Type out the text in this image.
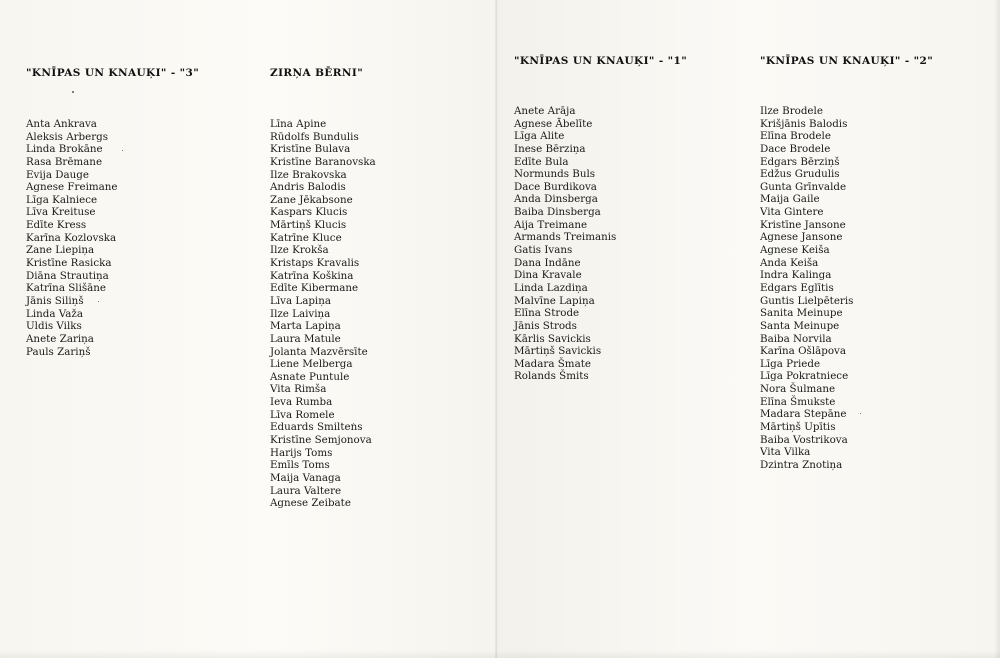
"KNĪPAS UN KNAUĶI" - "3"
Anta Ankrava
Aleksis Arbergs
Linda Brokāne
Rasa Brēmane
Evija Dauge
Agnese Freimane
Līga Kalniece
Līva Kreituse
Edīte Kress
Karīna Kozlovska
Zane Liepiņa
Kristīne Rasicka
Diāna Strautiņa
Katrīna Slišāne
Jānis Siliņš
Linda Važa
Uldis Vilks
Anete Zariņa
Pauls Zariņš
ZIRŅA BĒRNI"
Līna Apine
Rūdolfs Bundulis
Kristīne Bulava
Kristīne Baranovska
Ilze Brakovska
Andris Balodis
Zane Jēkabsone
Kaspars Klucis
Mārtiņš Klucis
Katrīne Kluce
Ilze Krokša
Kristaps Kravalis
Katrīna Koškina
Edīte Kibermane
Līva Lapiņa
Ilze Laiviņa
Marta Lapiņa
Laura Matule
Jolanta Mazvērsīte
Liene Melberga
Asnate Puntule
Vita Rimša
Ieva Rumba
Līva Romele
Eduards Smiltens
Kristīne Semjonova
Harijs Toms
Emīls Toms
Maija Vanaga
Laura Valtere
Agnese Zeibate
"KNĪPAS UN KNAUĶI" - "1"
Anete Arāja
Agnese Ābelīte
Līga Alite
Inese Bērziņa
Edīte Bula
Normunds Buls
Dace Burdikova
Anda Dinsberga
Baiba Dinsberga
Aija Treimane
Armands Treimanis
Gatis Ivans
Dana Indāne
Dina Kravale
Linda Lazdiņa
Malvīne Lapiņa
Elīna Strode
Jānis Strods
Kārlis Savickis
Mārtiņš Savickis
Madara Šmate
Rolands Šmits
"KNĪPAS UN KNAUĶI" - "2"
Ilze Brodele
Krišjānis Balodis
Elīna Brodele
Dace Brodele
Edgars Bērziņš
Edžus Grudulis
Gunta Grīnvalde
Maija Gaile
Vita Gintere
Kristīne Jansone
Agnese Jansone
Agnese Keiša
Anda Keiša
Indra Kalinga
Edgars Eglītis
Guntis Lielpēteris
Sanita Meinupe
Santa Meinupe
Baiba Norvila
Karīna Ošlāpova
Līga Priede
Līga Pokratniece
Nora Šulmane
Elīna Šmukste
Madara Stepāne
Mārtiņš Upītis
Baiba Vostrikova
Vita Vilka
Dzintra Znotiņa
